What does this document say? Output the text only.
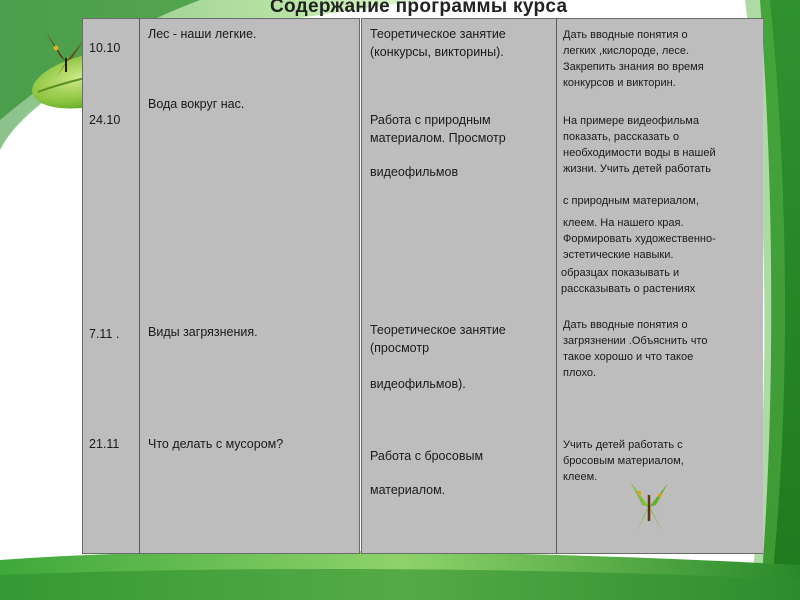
Содержание программы курса
10.10
24.10
7.11 .
21.11
Лес - наши легкие.
Вода вокруг нас.
Виды загрязнения.
Что делать с мусором?
Теоретическое занятие
(конкурсы, викторины).
Работа с природным
материалом. Просмотр
видеофильмов
Теоретическое занятие
(просмотр
видеофильмов).
Работа с бросовым
материалом.
Дать вводные понятия о
легких ,кислороде, лесе.
Закрепить знания во время
конкурсов и викторин.
На примере видеофильма
показать, рассказать о
необходимости воды в нашей
жизни. Учить детей работать
с природным материалом,
клеем. На нашего края.
Формировать художественно-
эстетические навыки.
образцах показывать и
рассказывать о растениях
Дать вводные понятия о
загрязнении .Объяснить что
такое хорошо и что такое
плохо.
Учить детей работать с
бросовым материалом,
клеем.
